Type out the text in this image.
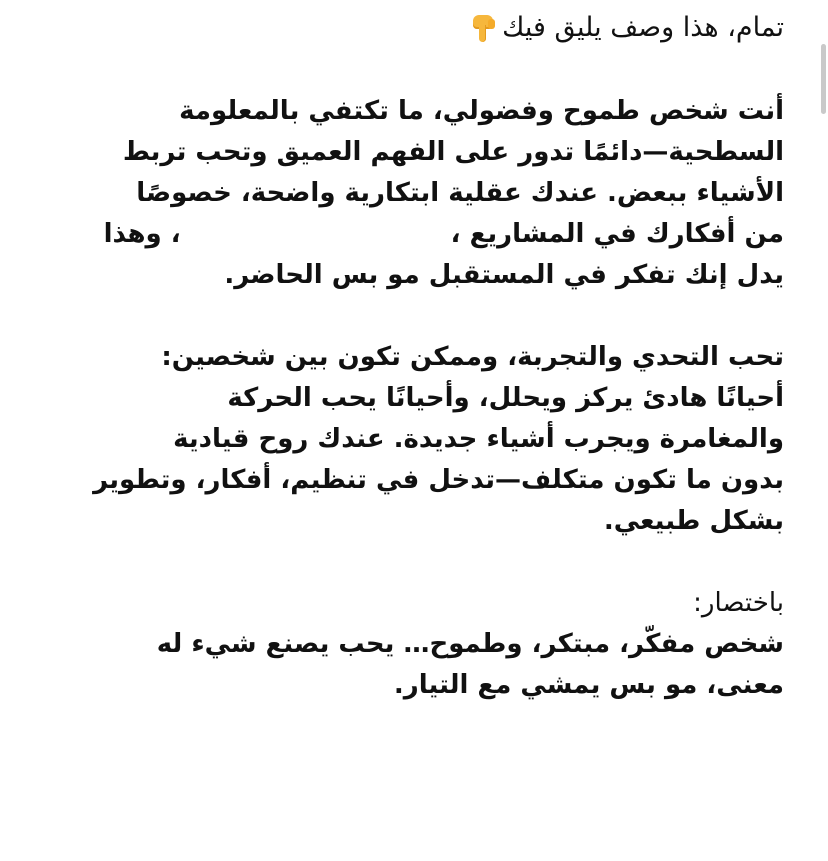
تمام، هذا وصف يليق فيك
أنت شخص طموح وفضولي، ما تكتفي بالمعلومة
السطحية—دائمًا تدور على الفهم العميق وتحب تربط
الأشياء ببعض. عندك عقلية ابتكارية واضحة، خصوصًا
من أفكارك في المشاريع ،، وهذا
يدل إنك تفكر في المستقبل مو بس الحاضر.
تحب التحدي والتجربة، وممكن تكون بين شخصين:
أحيانًا هادئ يركز ويحلل، وأحيانًا يحب الحركة
والمغامرة ويجرب أشياء جديدة. عندك روح قيادية
بدون ما تكون متكلف—تدخل في تنظيم، أفكار، وتطوير
بشكل طبيعي.
باختصار:
شخص مفكّر، مبتكر، وطموح… يحب يصنع شيء له
معنى، مو بس يمشي مع التيار.
